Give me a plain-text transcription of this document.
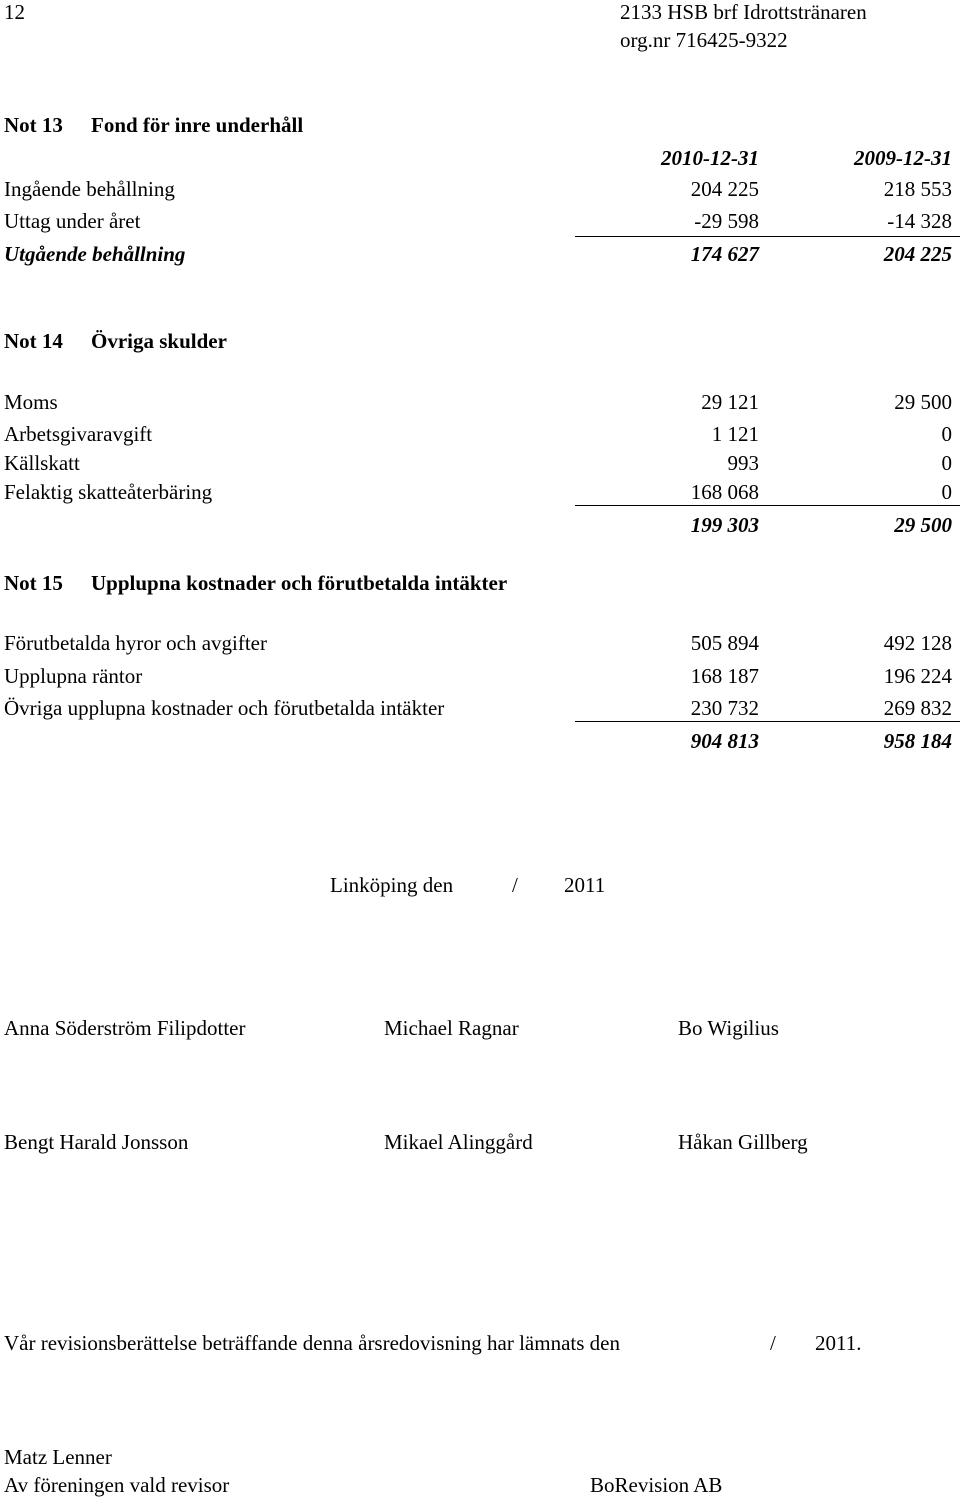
12	2133 HSB brf Idrottstränaren
org.nr 716425-9322
Not 13 Fond för inre underhåll
2010-12-31	2009-12-31
Ingående behållning	204 225	218 553
Uttag under året	-29 598	-14 328
Utgående behållning	174 627	204 225
Not 14 Övriga skulder
Moms	29 121	29 500
Arbetsgivaravgift	1 121	0
Källskatt	993	0
Felaktig skatteåterbäring	168 068	0
199 303	29 500
Not 15 Upplupna kostnader och förutbetalda intäkter
Förutbetalda hyror och avgifter	505 894	492 128
Upplupna räntor	168 187	196 224
Övriga upplupna kostnader och förutbetalda intäkter	230 732	269 832
904 813	958 184
Linköping den	/ 2011
Anna Söderström Filipdotter	Michael Ragnar	Bo Wigilius
Bengt Harald Jonsson	Mikael Alinggård	Håkan Gillberg
Vår revisionsberättelse beträffande denna årsredovisning har lämnats den	/ 2011.
Matz Lenner
Av föreningen vald revisor	BoRevision AB
